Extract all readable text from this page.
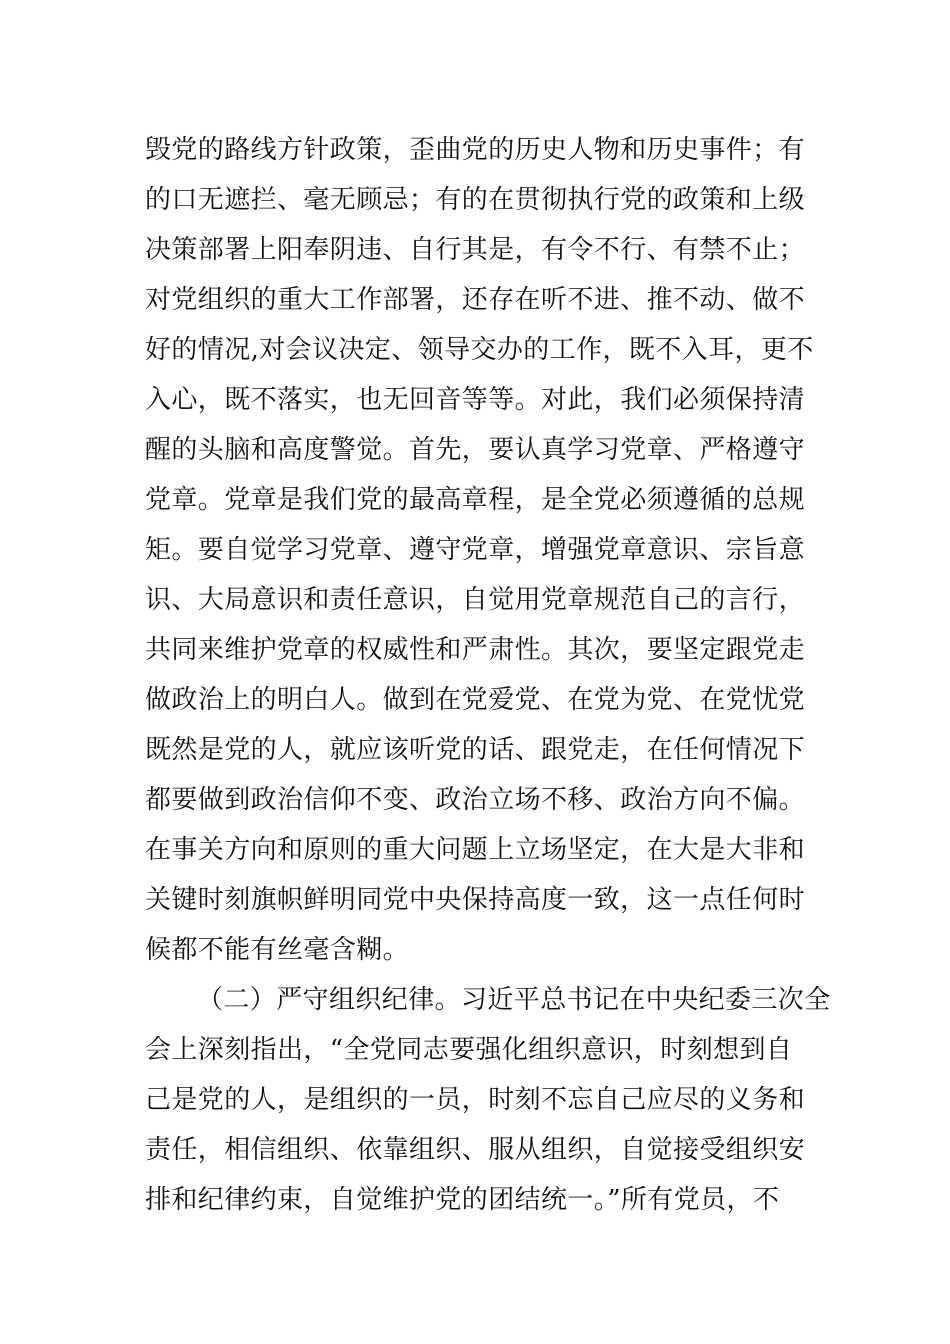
毁党的路线方针政策，歪曲党的历史人物和历史事件；有
的口无遮拦、毫无顾忌；有的在贯彻执行党的政策和上级
决策部署上阳奉阴违、自行其是，有令不行、有禁不止；
对党组织的重大工作部署，还存在听不进、推不动、做不
好的情况,对会议决定、领导交办的工作，既不入耳，更不
入心，既不落实，也无回音等等。对此，我们必须保持清
醒的头脑和高度警觉。首先，要认真学习党章、严格遵守
党章。党章是我们党的最高章程，是全党必须遵循的总规
矩。要自觉学习党章、遵守党章，增强党章意识、宗旨意
识、大局意识和责任意识，自觉用党章规范自己的言行，
共同来维护党章的权威性和严肃性。其次，要坚定跟党走
做政治上的明白人。做到在党爱党、在党为党、在党忧党
既然是党的人，就应该听党的话、跟党走，在任何情况下
都要做到政治信仰不变、政治立场不移、政治方向不偏。
在事关方向和原则的重大问题上立场坚定，在大是大非和
关键时刻旗帜鲜明同党中央保持高度一致，这一点任何时
候都不能有丝毫含糊。
（二）严守组织纪律。习近平总书记在中央纪委三次全
会上深刻指出，“全党同志要强化组织意识，时刻想到自
己是党的人，是组织的一员，时刻不忘自己应尽的义务和
责任，相信组织、依靠组织、服从组织，自觉接受组织安
排和纪律约束，自觉维护党的团结统一。”所有党员，不
